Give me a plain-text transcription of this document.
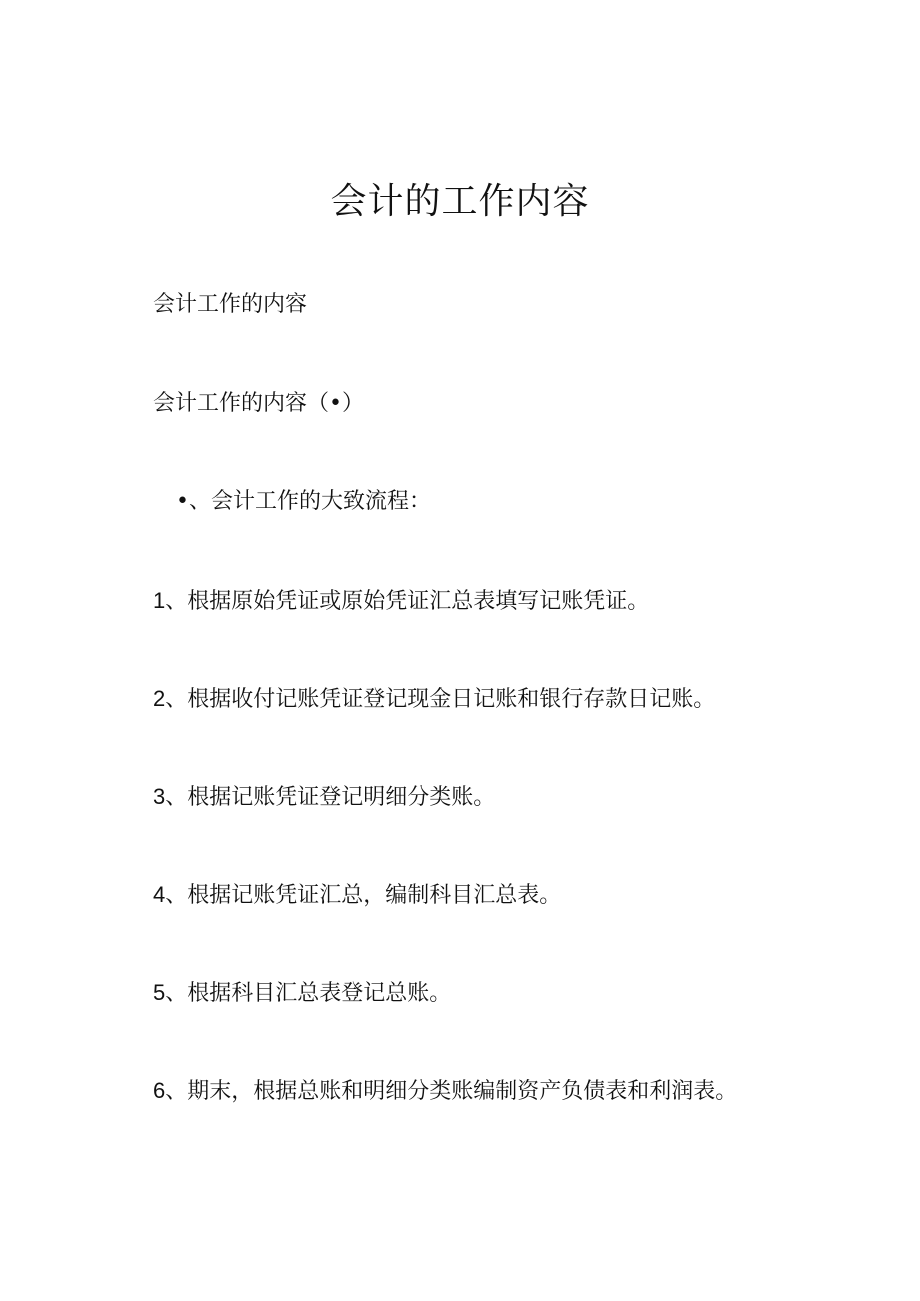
会计的工作内容

会计工作的内容

会计工作的内容（•）

•、会计工作的大致流程：

1、根据原始凭证或原始凭证汇总表填写记账凭证。

2、根据收付记账凭证登记现金日记账和银行存款日记账。

3、根据记账凭证登记明细分类账。

4、根据记账凭证汇总，编制科目汇总表。

5、根据科目汇总表登记总账。

6、期末，根据总账和明细分类账编制资产负债表和利润表。
